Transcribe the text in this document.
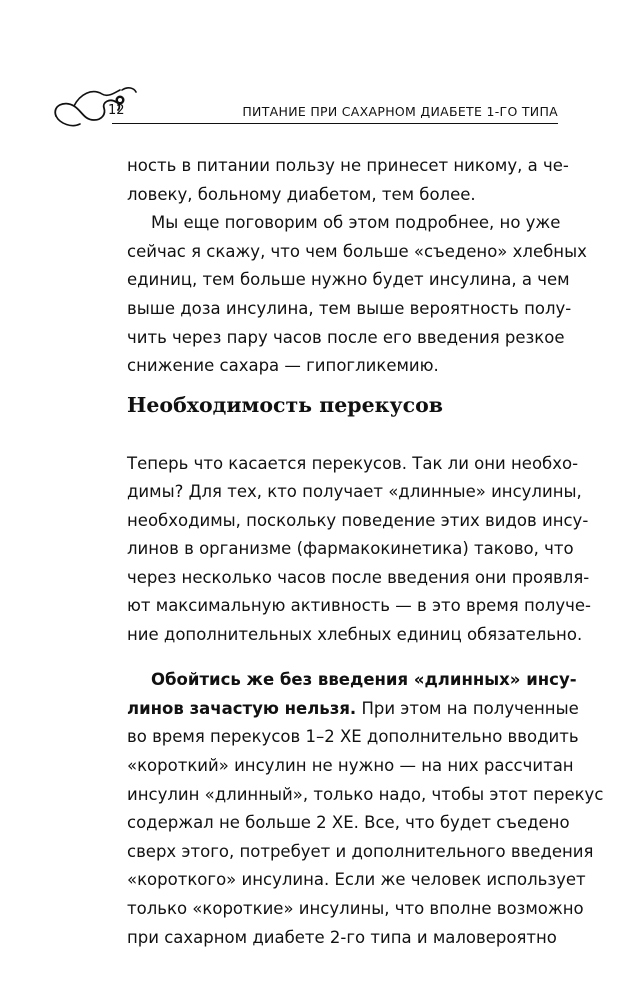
12	ПИТАНИЕ ПРИ САХАРНОМ ДИАБЕТЕ 1-ГО ТИПА

ность в питании пользу не принесет никому, а че-
ловеку, больному диабетом, тем более.

Мы еще поговорим об этом подробнее, но уже
сейчас я скажу, что чем больше «съедено» хлебных
единиц, тем больше нужно будет инсулина, а чем
выше доза инсулина, тем выше вероятность полу-
чить через пару часов после его введения резкое
снижение сахара — гипогликемию.

Необходимость перекусов

Теперь что касается перекусов. Так ли они необхо-
димы? Для тех, кто получает «длинные» инсулины,
необходимы, поскольку поведение этих видов инсу-
линов в организме (фармакокинетика) таково, что
через несколько часов после введения они проявля-
ют максимальную активность — в это время получе-
ние дополнительных хлебных единиц обязательно.

Обойтись же без введения «длинных» инсу-
линов зачастую нельзя. При этом на полученные
во время перекусов 1–2 ХЕ дополнительно вводить
«короткий» инсулин не нужно — на них рассчитан
инсулин «длинный», только надо, чтобы этот перекус
содержал не больше 2 ХЕ. Все, что будет съедено
сверх этого, потребует и дополнительного введения
«короткого» инсулина. Если же человек использует
только «короткие» инсулины, что вполне возможно
при сахарном диабете 2-го типа и маловероятно
